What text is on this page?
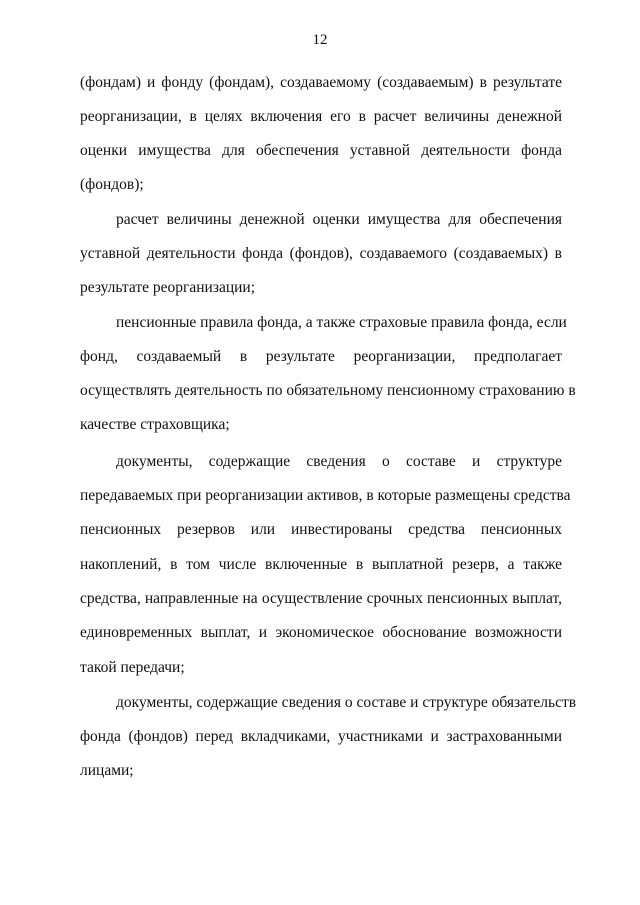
12
(фондам) и фонду (фондам), создаваемому (создаваемым) в результате
реорганизации, в целях включения его в расчет величины денежной
оценки имущества для обеспечения уставной деятельности фонда
(фондов);
расчет величины денежной оценки имущества для обеспечения
уставной деятельности фонда (фондов), создаваемого (создаваемых) в
результате реорганизации;
пенсионные правила фонда, а также страховые правила фонда, если
фонд, создаваемый в результате реорганизации, предполагает
осуществлять деятельность по обязательному пенсионному страхованию в
качестве страховщика;
документы, содержащие сведения о составе и структуре
передаваемых при реорганизации активов, в которые размещены средства
пенсионных резервов или инвестированы средства пенсионных
накоплений, в том числе включенные в выплатной резерв, а также
средства, направленные на осуществление срочных пенсионных выплат,
единовременных выплат, и экономическое обоснование возможности
такой передачи;
документы, содержащие сведения о составе и структуре обязательств
фонда (фондов) перед вкладчиками, участниками и застрахованными
лицами;
